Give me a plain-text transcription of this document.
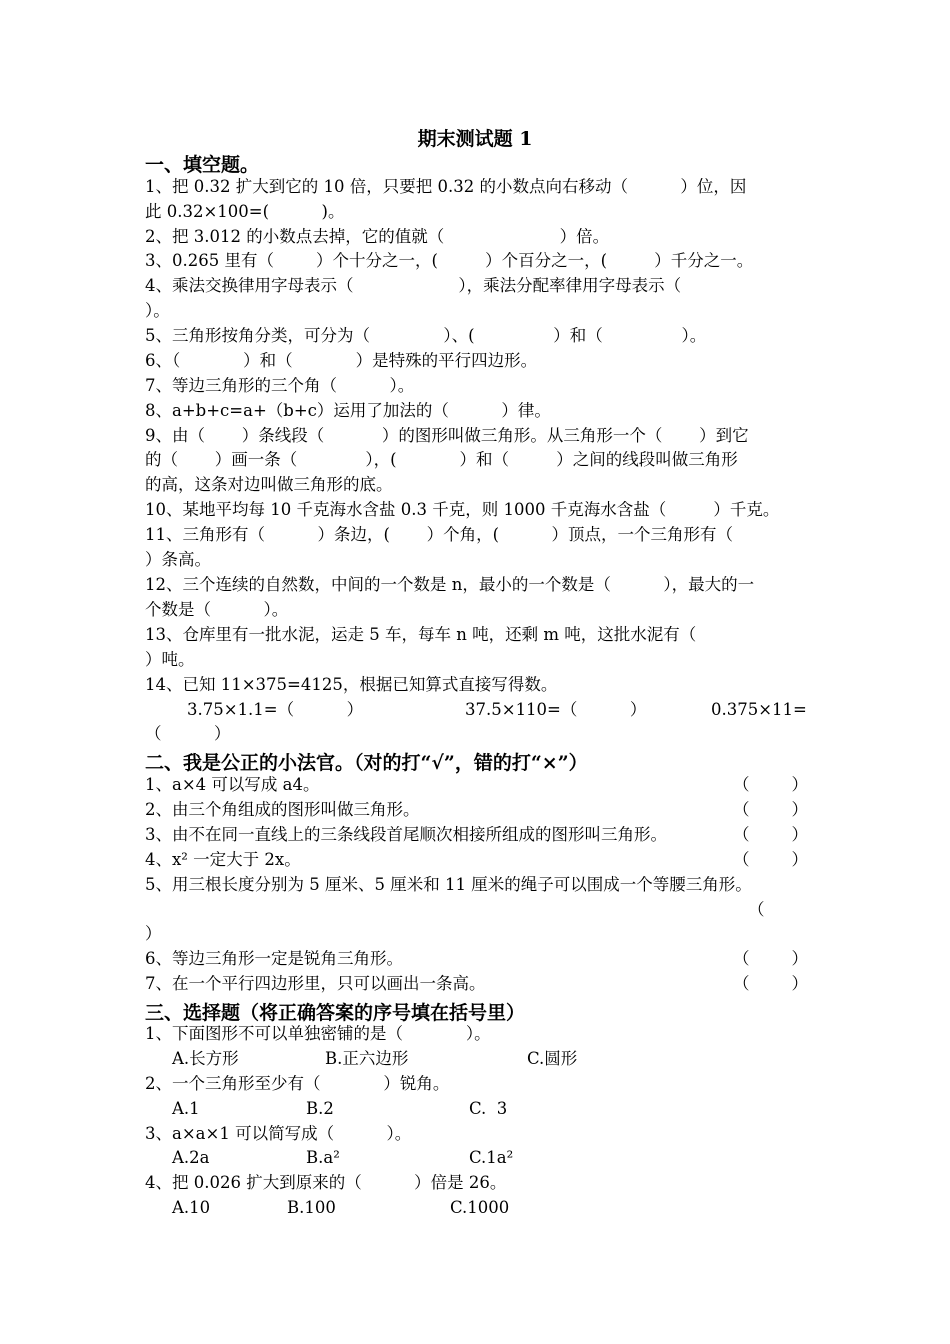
期末测试题 1
一、填空题。
1、把 0.32 扩大到它的 10 倍，只要把 0.32 的小数点向右移动（          ）位，因
此 0.32×100=(          )。
2、把 3.012 的小数点去掉，它的值就（                      ）倍。
3、0.265 里有（        ）个十分之一，(         ）个百分之一，(         ）千分之一。
4、乘法交换律用字母表示（                    ），乘法分配率律用字母表示（
）。
5、三角形按角分类，可分为（              ）、(               ）和（               ）。
6、（            ）和（            ）是特殊的平行四边形。
7、等边三角形的三个角（          ）。
8、a+b+c=a+（b+c）运用了加法的（          ）律。
9、由（       ）条线段（           ）的图形叫做三角形。从三角形一个（       ）到它
的（       ）画一条（             ），(            ）和（         ）之间的线段叫做三角形
的高，这条对边叫做三角形的底。
10、某地平均每 10 千克海水含盐 0.3 千克，则 1000 千克海水含盐（         ）千克。
11、三角形有（          ）条边，(       ）个角，(          ）顶点，一个三角形有（
）条高。
12、三个连续的自然数，中间的一个数是 n，最小的一个数是（          ），最大的一
个数是（          ）。
13、仓库里有一批水泥，运走 5 车，每车 n 吨，还剩 m 吨，这批水泥有（
）吨。
14、已知 11×375=4125，根据已知算式直接写得数。
3.75×1.1=（          ）	37.5×110=（          ）	0.375×11=
（          ）
二、我是公正的小法官。（对的打“√”，错的打“×”）
1、a×4 可以写成 a4。	（        ）
2、由三个角组成的图形叫做三角形。	（        ）
3、由不在同一直线上的三条线段首尾顺次相接所组成的图形叫三角形。	（        ）
4、x² 一定大于 2x。	（        ）
5、用三根长度分别为 5 厘米、5 厘米和 11 厘米的绳子可以围成一个等腰三角形。
（
）
6、等边三角形一定是锐角三角形。	（        ）
7、在一个平行四边形里，只可以画出一条高。	（        ）
三、选择题（将正确答案的序号填在括号里）
1、下面图形不可以单独密铺的是（            ）。
A.长方形	B.正六边形	C.圆形
2、一个三角形至少有（            ）锐角。
A.1	B.2	C.  3
3、a×a×1 可以简写成（          ）。
A.2a	B.a²	C.1a²
4、把 0.026 扩大到原来的（          ）倍是 26。
A.10	B.100	C.1000
